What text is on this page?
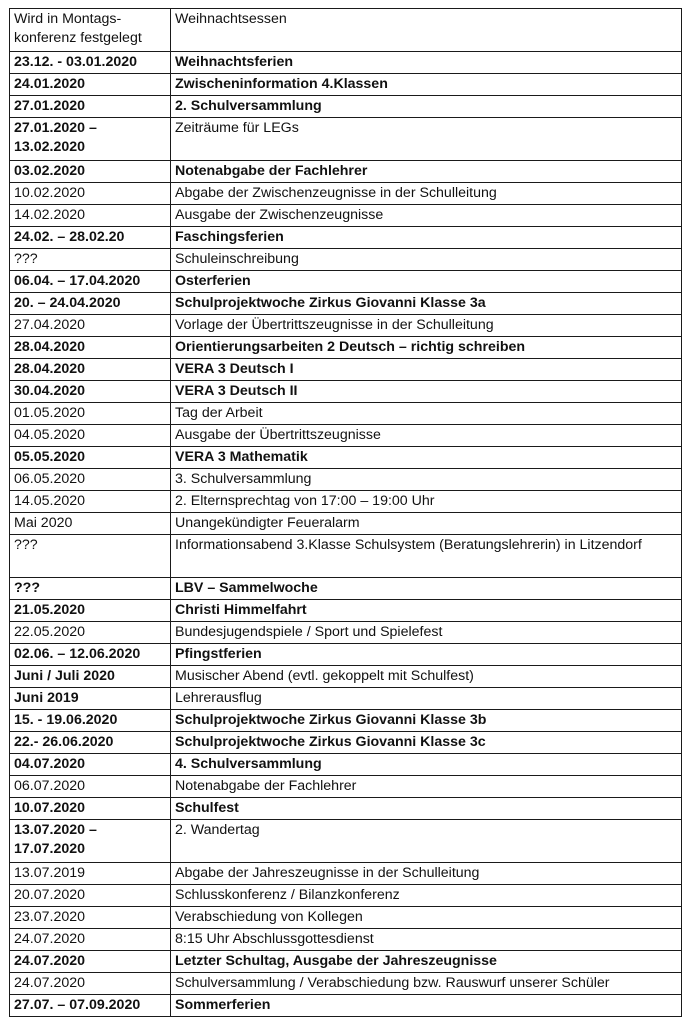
Wird in Montags-konferenz festgelegt	Weihnachtsessen
23.12. - 03.01.2020	Weihnachtsferien
24.01.2020	Zwischeninformation 4.Klassen
27.01.2020	2. Schulversammlung
27.01.2020 – 13.02.2020	Zeiträume für LEGs
03.02.2020	Notenabgabe der Fachlehrer
10.02.2020	Abgabe der Zwischenzeugnisse in der Schulleitung
14.02.2020	Ausgabe der Zwischenzeugnisse
24.02. – 28.02.20	Faschingsferien
???	Schuleinschreibung
06.04. – 17.04.2020	Osterferien
20. – 24.04.2020	Schulprojektwoche Zirkus Giovanni Klasse 3a
27.04.2020	Vorlage der Übertrittszeugnisse in der Schulleitung
28.04.2020	Orientierungsarbeiten 2 Deutsch – richtig schreiben
28.04.2020	VERA 3 Deutsch I
30.04.2020	VERA 3 Deutsch II
01.05.2020	Tag der Arbeit
04.05.2020	Ausgabe der Übertrittszeugnisse
05.05.2020	VERA 3 Mathematik
06.05.2020	3. Schulversammlung
14.05.2020	2. Elternsprechtag von 17:00 – 19:00 Uhr
Mai 2020	Unangekündigter Feueralarm
???	Informationsabend 3.Klasse Schulsystem (Beratungslehrerin) in Litzendorf
???	LBV – Sammelwoche
21.05.2020	Christi Himmelfahrt
22.05.2020	Bundesjugendspiele / Sport und Spielefest
02.06. – 12.06.2020	Pfingstferien
Juni / Juli 2020	Musischer Abend (evtl. gekoppelt mit Schulfest)
Juni 2019	Lehrerausflug
15. - 19.06.2020	Schulprojektwoche Zirkus Giovanni Klasse 3b
22.- 26.06.2020	Schulprojektwoche Zirkus Giovanni Klasse 3c
04.07.2020	4. Schulversammlung
06.07.2020	Notenabgabe der Fachlehrer
10.07.2020	Schulfest
13.07.2020 – 17.07.2020	2. Wandertag
13.07.2019	Abgabe der Jahreszeugnisse in der Schulleitung
20.07.2020	Schlusskonferenz / Bilanzkonferenz
23.07.2020	Verabschiedung von Kollegen
24.07.2020	8:15 Uhr Abschlussgottesdienst
24.07.2020	Letzter Schultag, Ausgabe der Jahreszeugnisse
24.07.2020	Schulversammlung / Verabschiedung bzw. Rauswurf unserer Schüler
27.07. – 07.09.2020	Sommerferien
